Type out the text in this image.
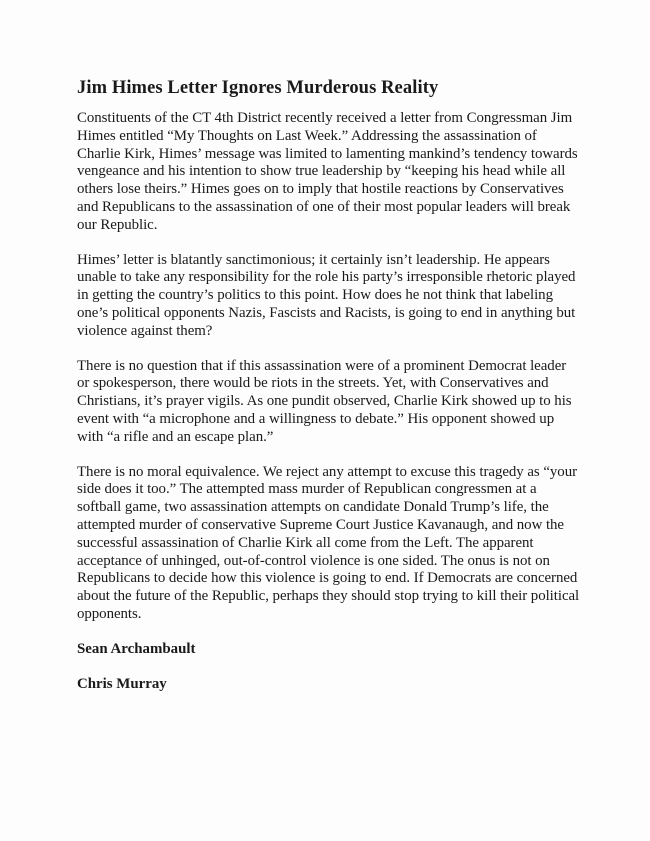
Jim Himes Letter Ignores Murderous Reality

Constituents of the CT 4th District recently received a letter from Congressman Jim Himes entitled “My Thoughts on Last Week.” Addressing the assassination of Charlie Kirk, Himes’ message was limited to lamenting mankind’s tendency towards vengeance and his intention to show true leadership by “keeping his head while all others lose theirs.” Himes goes on to imply that hostile reactions by Conservatives and Republicans to the assassination of one of their most popular leaders will break our Republic.

Himes’ letter is blatantly sanctimonious; it certainly isn’t leadership. He appears unable to take any responsibility for the role his party’s irresponsible rhetoric played in getting the country’s politics to this point. How does he not think that labeling one’s political opponents Nazis, Fascists and Racists, is going to end in anything but violence against them?

There is no question that if this assassination were of a prominent Democrat leader or spokesperson, there would be riots in the streets. Yet, with Conservatives and Christians, it’s prayer vigils. As one pundit observed, Charlie Kirk showed up to his event with “a microphone and a willingness to debate.” His opponent showed up with “a rifle and an escape plan.”

There is no moral equivalence. We reject any attempt to excuse this tragedy as “your side does it too.” The attempted mass murder of Republican congressmen at a softball game, two assassination attempts on candidate Donald Trump’s life, the attempted murder of conservative Supreme Court Justice Kavanaugh, and now the successful assassination of Charlie Kirk all come from the Left. The apparent acceptance of unhinged, out-of-control violence is one sided. The onus is not on Republicans to decide how this violence is going to end. If Democrats are concerned about the future of the Republic, perhaps they should stop trying to kill their political opponents.

Sean Archambault

Chris Murray
